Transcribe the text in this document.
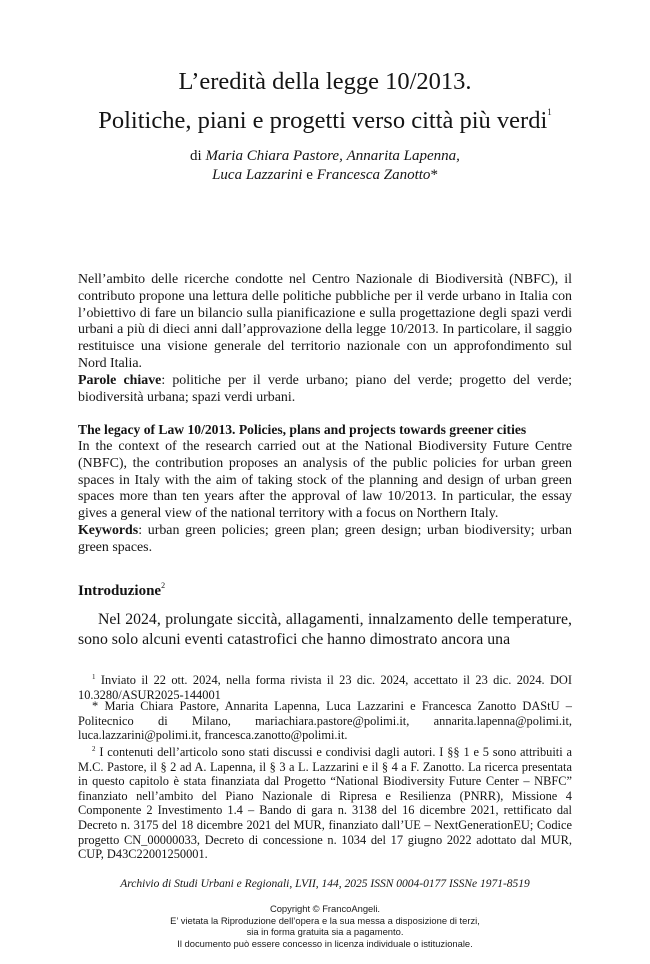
L’eredità della legge 10/2013.
Politiche, piani e progetti verso città più verdi$^1$
di Maria Chiara Pastore, Annarita Lapenna,
Luca Lazzarini e Francesca Zanotto*
Nell’ambito delle ricerche condotte nel Centro Nazionale di Biodiversità (NBFC), il contributo propone una lettura delle politiche pubbliche per il verde urbano in Italia con l’obiettivo di fare un bilancio sulla pianificazione e sulla progettazione degli spazi verdi urbani a più di dieci anni dall’approvazione della legge 10/2013. In particolare, il saggio restituisce una visione generale del territorio nazionale con un approfondimento sul Nord Italia.
Parole chiave: politiche per il verde urbano; piano del verde; progetto del verde; biodiversità urbana; spazi verdi urbani.
The legacy of Law 10/2013. Policies, plans and projects towards greener cities
In the context of the research carried out at the National Biodiversity Future Centre (NBFC), the contribution proposes an analysis of the public policies for urban green spaces in Italy with the aim of taking stock of the planning and design of urban green spaces more than ten years after the approval of law 10/2013. In particular, the essay gives a general view of the national territory with a focus on Northern Italy.
Keywords: urban green policies; green plan; green design; urban biodiversity; urban green spaces.
Introduzione$^2$
Nel 2024, prolungate siccità, allagamenti, innalzamento delle temperature, sono solo alcuni eventi catastrofici che hanno dimostrato ancora una
$^1$ Inviato il 22 ott. 2024, nella forma rivista il 23 dic. 2024, accettato il 23 dic. 2024. DOI 10.3280/ASUR2025-144001
* Maria Chiara Pastore, Annarita Lapenna, Luca Lazzarini e Francesca Zanotto DAStU – Politecnico di Milano, mariachiara.pastore@polimi.it, annarita.lapenna@polimi.it, luca.lazzarini@polimi.it, francesca.zanotto@polimi.it.
$^2$ I contenuti dell’articolo sono stati discussi e condivisi dagli autori. I §§ 1 e 5 sono attribuiti a M.C. Pastore, il § 2 ad A. Lapenna, il § 3 a L. Lazzarini e il § 4 a F. Zanotto. La ricerca presentata in questo capitolo è stata finanziata dal Progetto “National Biodiversity Future Center – NBFC” finanziato nell’ambito del Piano Nazionale di Ripresa e Resilienza (PNRR), Missione 4 Componente 2 Investimento 1.4 – Bando di gara n. 3138 del 16 dicembre 2021, rettificato dal Decreto n. 3175 del 18 dicembre 2021 del MUR, finanziato dall’UE – NextGenerationEU; Codice progetto CN_00000033, Decreto di concessione n. 1034 del 17 giugno 2022 adottato dal MUR, CUP, D43C22001250001.
Archivio di Studi Urbani e Regionali, LVII, 144, 2025 ISSN 0004-0177 ISSNe 1971-8519
Copyright © FrancoAngeli.
E’ vietata la Riproduzione dell’opera e la sua messa a disposizione di terzi,
sia in forma gratuita sia a pagamento.
Il documento può essere concesso in licenza individuale o istituzionale.
